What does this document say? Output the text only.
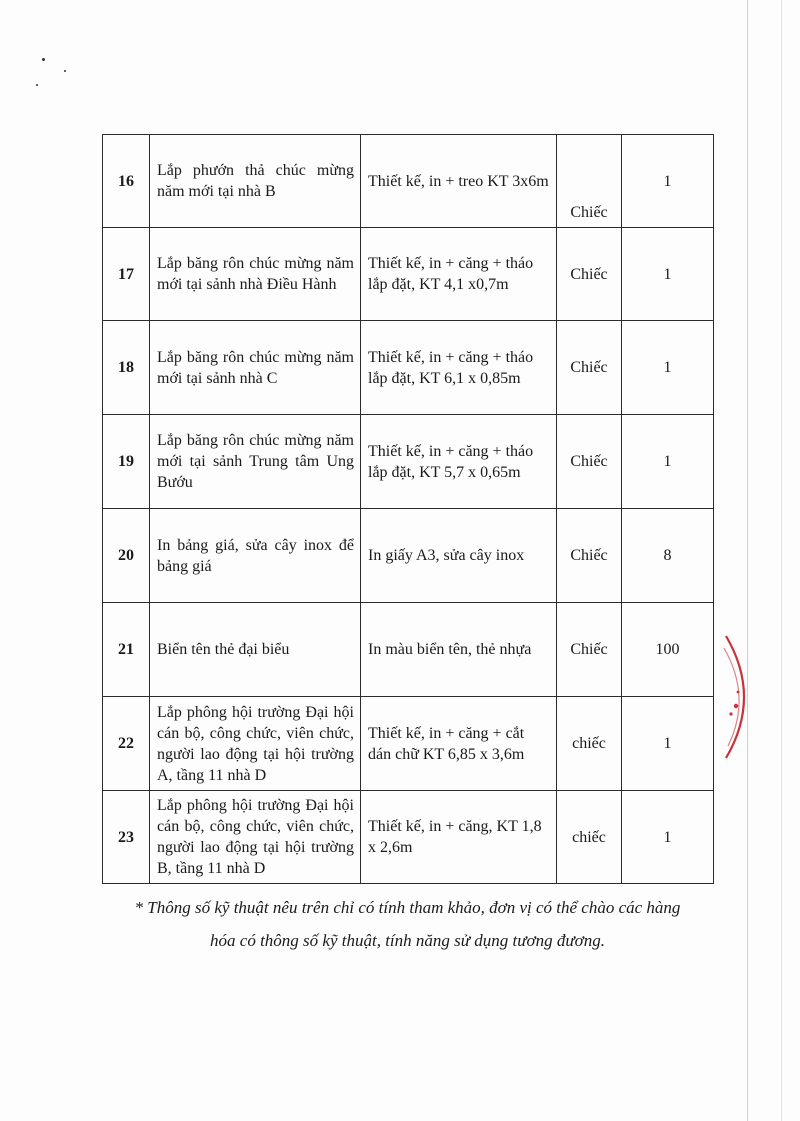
16	Lắp phướn thả chúc mừng năm mới tại nhà B	Thiết kế, in + treo KT 3x6m	Chiếc	1
17	Lắp băng rôn chúc mừng năm mới tại sảnh nhà Điều Hành	Thiết kế, in + căng + tháo lắp đặt, KT 4,1 x0,7m	Chiếc	1
18	Lắp băng rôn chúc mừng năm mới tại sảnh nhà C	Thiết kế, in + căng + tháo lắp đặt, KT 6,1 x 0,85m	Chiếc	1
19	Lắp băng rôn chúc mừng năm mới tại sảnh Trung tâm Ung Bướu	Thiết kế, in + căng + tháo lắp đặt, KT 5,7 x 0,65m	Chiếc	1
20	In bảng giá, sửa cây inox để bảng giá	In giấy A3, sửa cây inox	Chiếc	8
21	Biển tên thẻ đại biểu	In màu biển tên, thẻ nhựa	Chiếc	100
22	Lắp phông hội trường Đại hội cán bộ, công chức, viên chức, người lao động tại hội trường A, tầng 11 nhà D	Thiết kế, in + căng + cắt dán chữ KT 6,85 x 3,6m	chiếc	1
23	Lắp phông hội trường Đại hội cán bộ, công chức, viên chức, người lao động tại hội trường B, tầng 11 nhà D	Thiết kế, in + căng, KT 1,8 x 2,6m	chiếc	1
* Thông số kỹ thuật nêu trên chỉ có tính tham khảo, đơn vị có thể chào các hàng
hóa có thông số kỹ thuật, tính năng sử dụng tương đương.
